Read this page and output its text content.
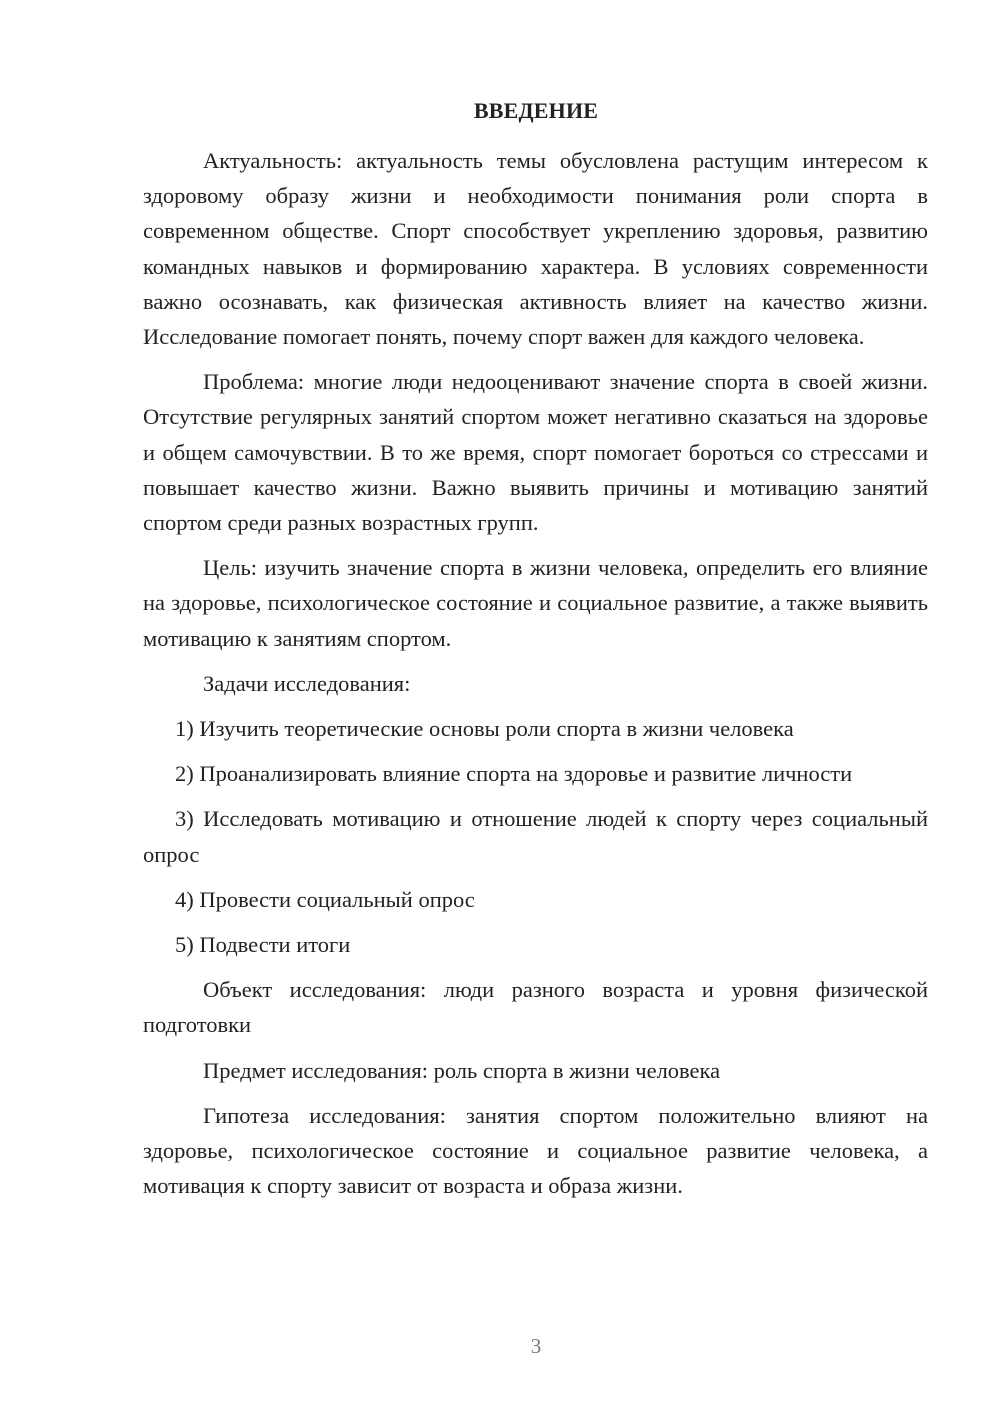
ВВЕДЕНИЕ

Актуальность: актуальность темы обусловлена растущим интересом к здоровому образу жизни и необходимости понимания роли спорта в современном обществе. Спорт способствует укреплению здоровья, развитию командных навыков и формированию характера. В условиях современности важно осознавать, как физическая активность влияет на качество жизни. Исследование помогает понять, почему спорт важен для каждого человека.

Проблема: многие люди недооценивают значение спорта в своей жизни. Отсутствие регулярных занятий спортом может негативно сказаться на здоровье и общем самочувствии. В то же время, спорт помогает бороться со стрессами и повышает качество жизни. Важно выявить причины и мотивацию занятий спортом среди разных возрастных групп.

Цель: изучить значение спорта в жизни человека, определить его влияние на здоровье, психологическое состояние и социальное развитие, а также выявить мотивацию к занятиям спортом.

Задачи исследования:

1) Изучить теоретические основы роли спорта в жизни человека

2) Проанализировать влияние спорта на здоровье и развитие личности

3) Исследовать мотивацию и отношение людей к спорту через социальный опрос

4) Провести социальный опрос

5) Подвести итоги

Объект исследования: люди разного возраста и уровня физической подготовки

Предмет исследования: роль спорта в жизни человека

Гипотеза исследования: занятия спортом положительно влияют на здоровье, психологическое состояние и социальное развитие человека, а мотивация к спорту зависит от возраста и образа жизни.

3
